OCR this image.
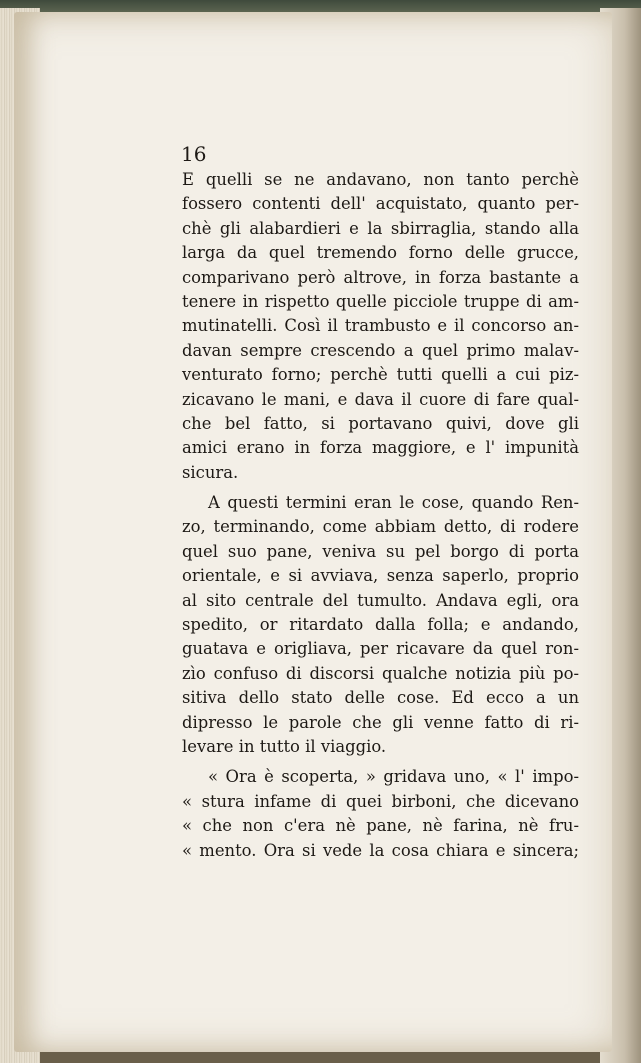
16
E quelli se ne andavano, non tanto perchè
fossero contenti dell' acquistato, quanto per-
chè gli alabardieri e la sbirraglia, stando alla
larga da quel tremendo forno delle grucce,
comparivano però altrove, in forza bastante a
tenere in rispetto quelle picciole truppe di am-
mutinatelli. Così il trambusto e il concorso an-
davan sempre crescendo a quel primo malav-
venturato forno; perchè tutti quelli a cui piz-
zicavano le mani, e dava il cuore di fare qual-
che bel fatto, si portavano quivi, dove gli
amici erano in forza maggiore, e l' impunità
sicura.
A questi termini eran le cose, quando Ren-
zo, terminando, come abbiam detto, di rodere
quel suo pane, veniva su pel borgo di porta
orientale, e si avviava, senza saperlo, proprio
al sito centrale del tumulto. Andava egli, ora
spedito, or ritardato dalla folla; e andando,
guatava e origliava, per ricavare da quel ron-
zìo confuso di discorsi qualche notizia più po-
sitiva dello stato delle cose. Ed ecco a un
dipresso le parole che gli venne fatto di ri-
levare in tutto il viaggio.
« Ora è scoperta, » gridava uno, « l' impo-
« stura infame di quei birboni, che dicevano
« che non c'era nè pane, nè farina, nè fru-
« mento. Ora si vede la cosa chiara e sincera;
